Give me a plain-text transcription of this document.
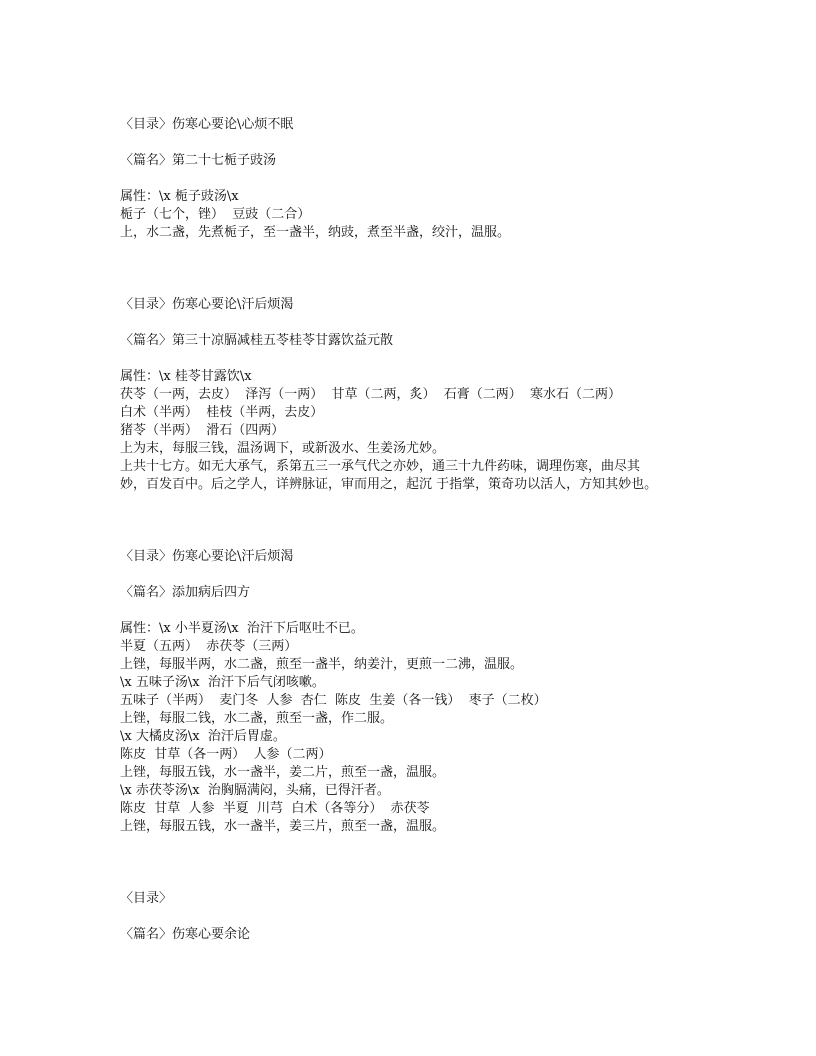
〈目录〉伤寒心要论\心烦不眠
〈篇名〉第二十七栀子豉汤
属性：\x 栀子豉汤\x
栀子（七个，锉）  豆豉（二合）
上，水二盏，先煮栀子，至一盏半，纳豉，煮至半盏，绞汁，温服。
〈目录〉伤寒心要论\汗后烦渴
〈篇名〉第三十凉膈减桂五苓桂苓甘露饮益元散
属性：\x 桂苓甘露饮\x
茯苓（一两，去皮）  泽泻（一两）  甘草（二两，炙）  石膏（二两）  寒水石（二两）
白术（半两）  桂枝（半两，去皮）
猪苓（半两）  滑石（四两）
上为末，每服三钱，温汤调下，或新汲水、生姜汤尤妙。
上共十七方。如无大承气，系第五三一承气代之亦妙，通三十九件药味，调理伤寒，曲尽其
妙，百发百中。后之学人，详辨脉证，审而用之，起沉 于指掌，策奇功以活人，方知其妙也。
〈目录〉伤寒心要论\汗后烦渴
〈篇名〉添加病后四方
属性：\x 小半夏汤\x  治汗下后呕吐不已。
半夏（五两）  赤茯苓（三两）
上锉，每服半两，水二盏，煎至一盏半，纳姜汁，更煎一二沸，温服。
\x 五味子汤\x  治汗下后气闭咳嗽。
五味子（半两）  麦门冬  人参  杏仁  陈皮  生姜（各一钱）  枣子（二枚）
上锉，每服二钱，水二盏，煎至一盏，作二服。
\x 大橘皮汤\x  治汗后胃虚。
陈皮  甘草（各一两）  人参（二两）
上锉，每服五钱，水一盏半，姜二片，煎至一盏，温服。
\x 赤茯苓汤\x  治胸膈满闷，头痛，已得汗者。
陈皮  甘草  人参  半夏  川芎  白术（各等分）  赤茯苓
上锉，每服五钱，水一盏半，姜三片，煎至一盏，温服。
〈目录〉
〈篇名〉伤寒心要余论
